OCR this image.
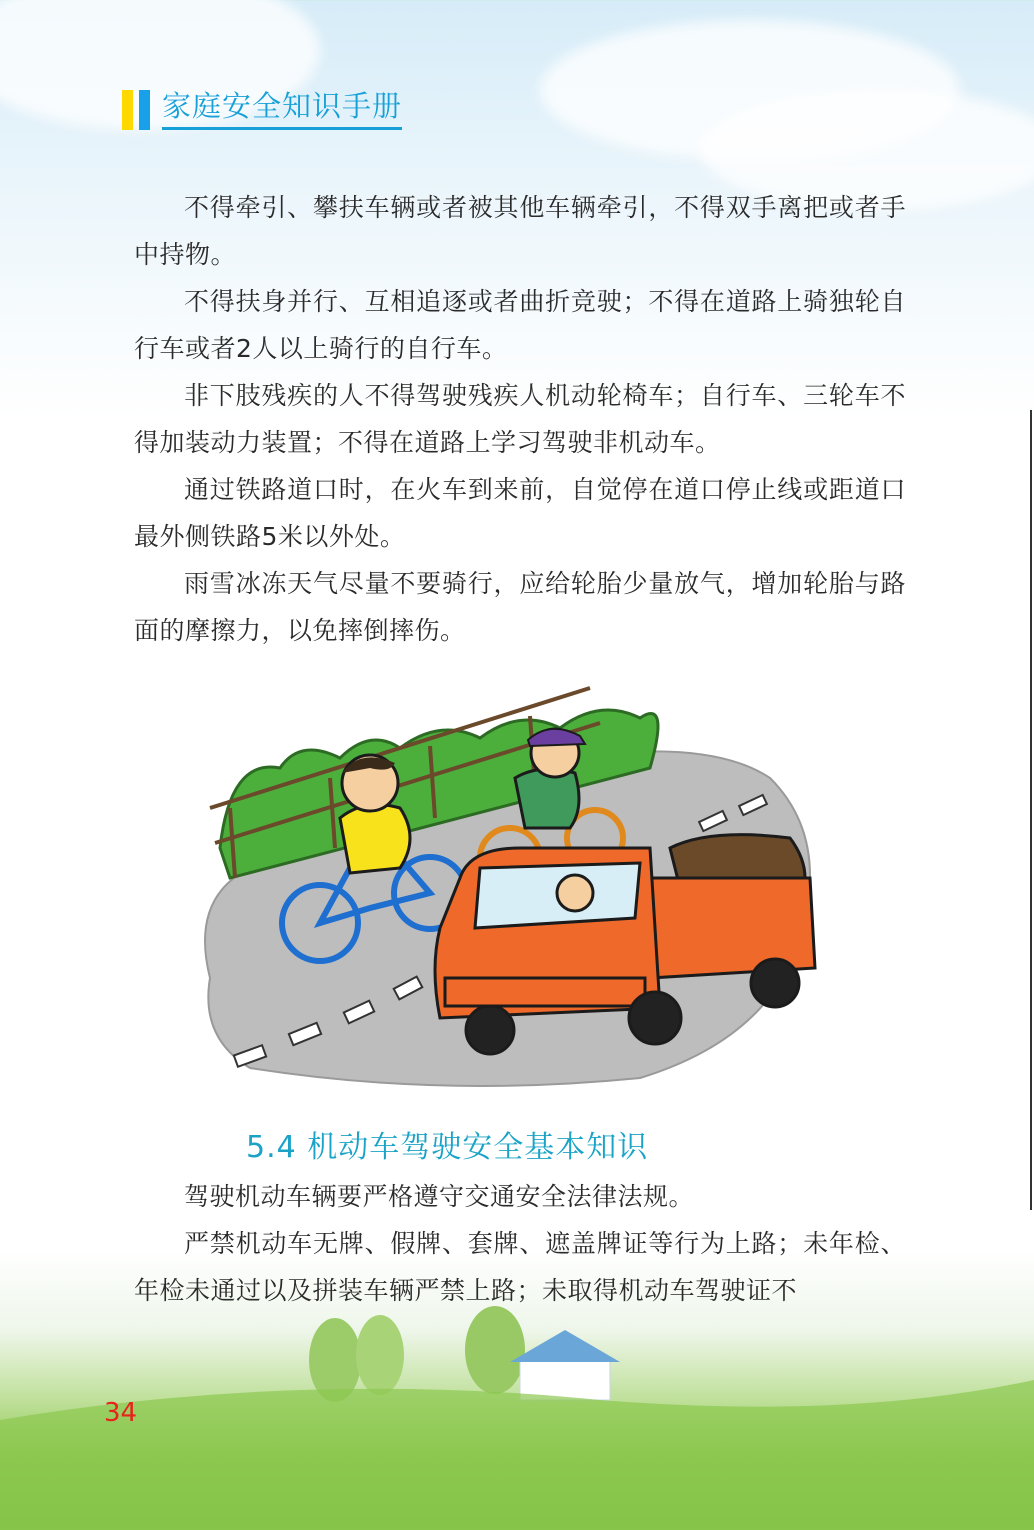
家庭安全知识手册

不得牵引、攀扶车辆或者被其他车辆牵引，不得双手离把或者手中持物。

不得扶身并行、互相追逐或者曲折竞驶；不得在道路上骑独轮自行车或者2人以上骑行的自行车。

非下肢残疾的人不得驾驶残疾人机动轮椅车；自行车、三轮车不得加装动力装置；不得在道路上学习驾驶非机动车。

通过铁路道口时，在火车到来前，自觉停在道口停止线或距道口最外侧铁路5米以外处。

雨雪冰冻天气尽量不要骑行，应给轮胎少量放气，增加轮胎与路面的摩擦力，以免摔倒摔伤。

5.4 机动车驾驶安全基本知识

驾驶机动车辆要严格遵守交通安全法律法规。

严禁机动车无牌、假牌、套牌、遮盖牌证等行为上路；未年检、年检未通过以及拼装车辆严禁上路；未取得机动车驾驶证不

34
